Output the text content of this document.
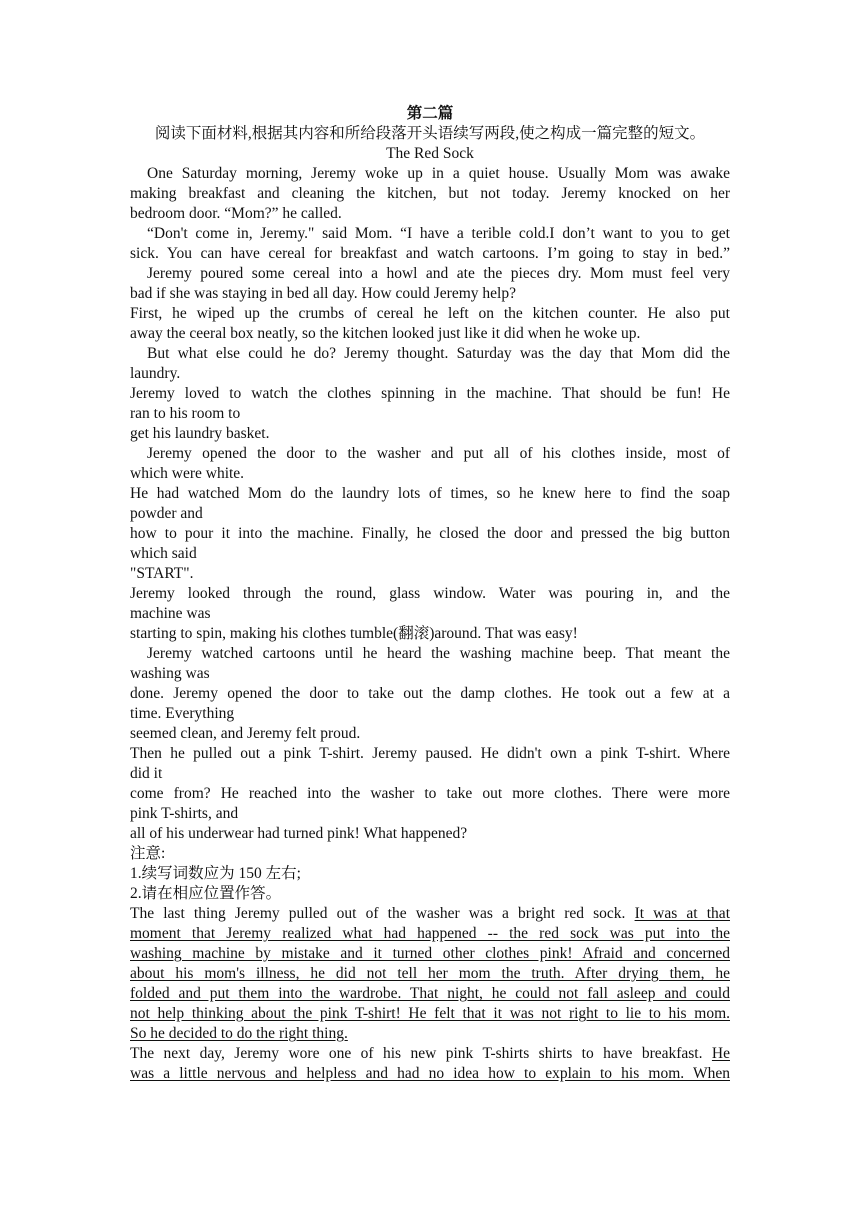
第二篇
阅读下面材料,根据其内容和所给段落开头语续写两段,使之构成一篇完整的短文。
The Red Sock
One Saturday morning, Jeremy woke up in a quiet house. Usually Mom was awake
making breakfast and cleaning the kitchen, but not today. Jeremy knocked on her
bedroom door. “Mom?” he called.
“Don't come in, Jeremy." said Mom. “I have a terible cold.I don’t want to you to get
sick. You can have cereal for breakfast and watch cartoons. I’m going to stay in bed.”
Jeremy poured some cereal into a howl and ate the pieces dry. Mom must feel very
bad if she was staying in bed all day. How could Jeremy help?
First, he wiped up the crumbs of cereal he left on the kitchen counter. He also put
away the ceeral box neatly, so the kitchen looked just like it did when he woke up.
But what else could he do? Jeremy thought. Saturday was the day that Mom did the
laundry.
Jeremy loved to watch the clothes spinning in the machine. That should be fun! He
ran to his room to
get his laundry basket.
Jeremy opened the door to the washer and put all of his clothes inside, most of
which were white.
He had watched Mom do the laundry lots of times, so he knew here to find the soap
powder and
how to pour it into the machine. Finally, he closed the door and pressed the big button
which said
"START".
Jeremy looked through the round, glass window. Water was pouring in, and the
machine was
starting to spin, making his clothes tumble(翻滚)around. That was easy!
Jeremy watched cartoons until he heard the washing machine beep. That meant the
washing was
done. Jeremy opened the door to take out the damp clothes. He took out a few at a
time. Everything
seemed clean, and Jeremy felt proud.
Then he pulled out a pink T-shirt. Jeremy paused. He didn't own a pink T-shirt. Where
did it
come from? He reached into the washer to take out more clothes. There were more
pink T-shirts, and
all of his underwear had turned pink! What happened?
注意:
1.续写词数应为 150 左右;
2.请在相应位置作答。
The last thing Jeremy pulled out of the washer was a bright red sock. It was at that
moment that Jeremy realized what had happened -- the red sock was put into the
washing machine by mistake and it turned other clothes pink! Afraid and concerned
about his mom's illness, he did not tell her mom the truth. After drying them, he
folded and put them into the wardrobe. That night, he could not fall asleep and could
not help thinking about the pink T-shirt! He felt that it was not right to lie to his mom.
So he decided to do the right thing.
The next day, Jeremy wore one of his new pink T-shirts shirts to have breakfast. He
was a little nervous and helpless and had no idea how to explain to his mom. When
